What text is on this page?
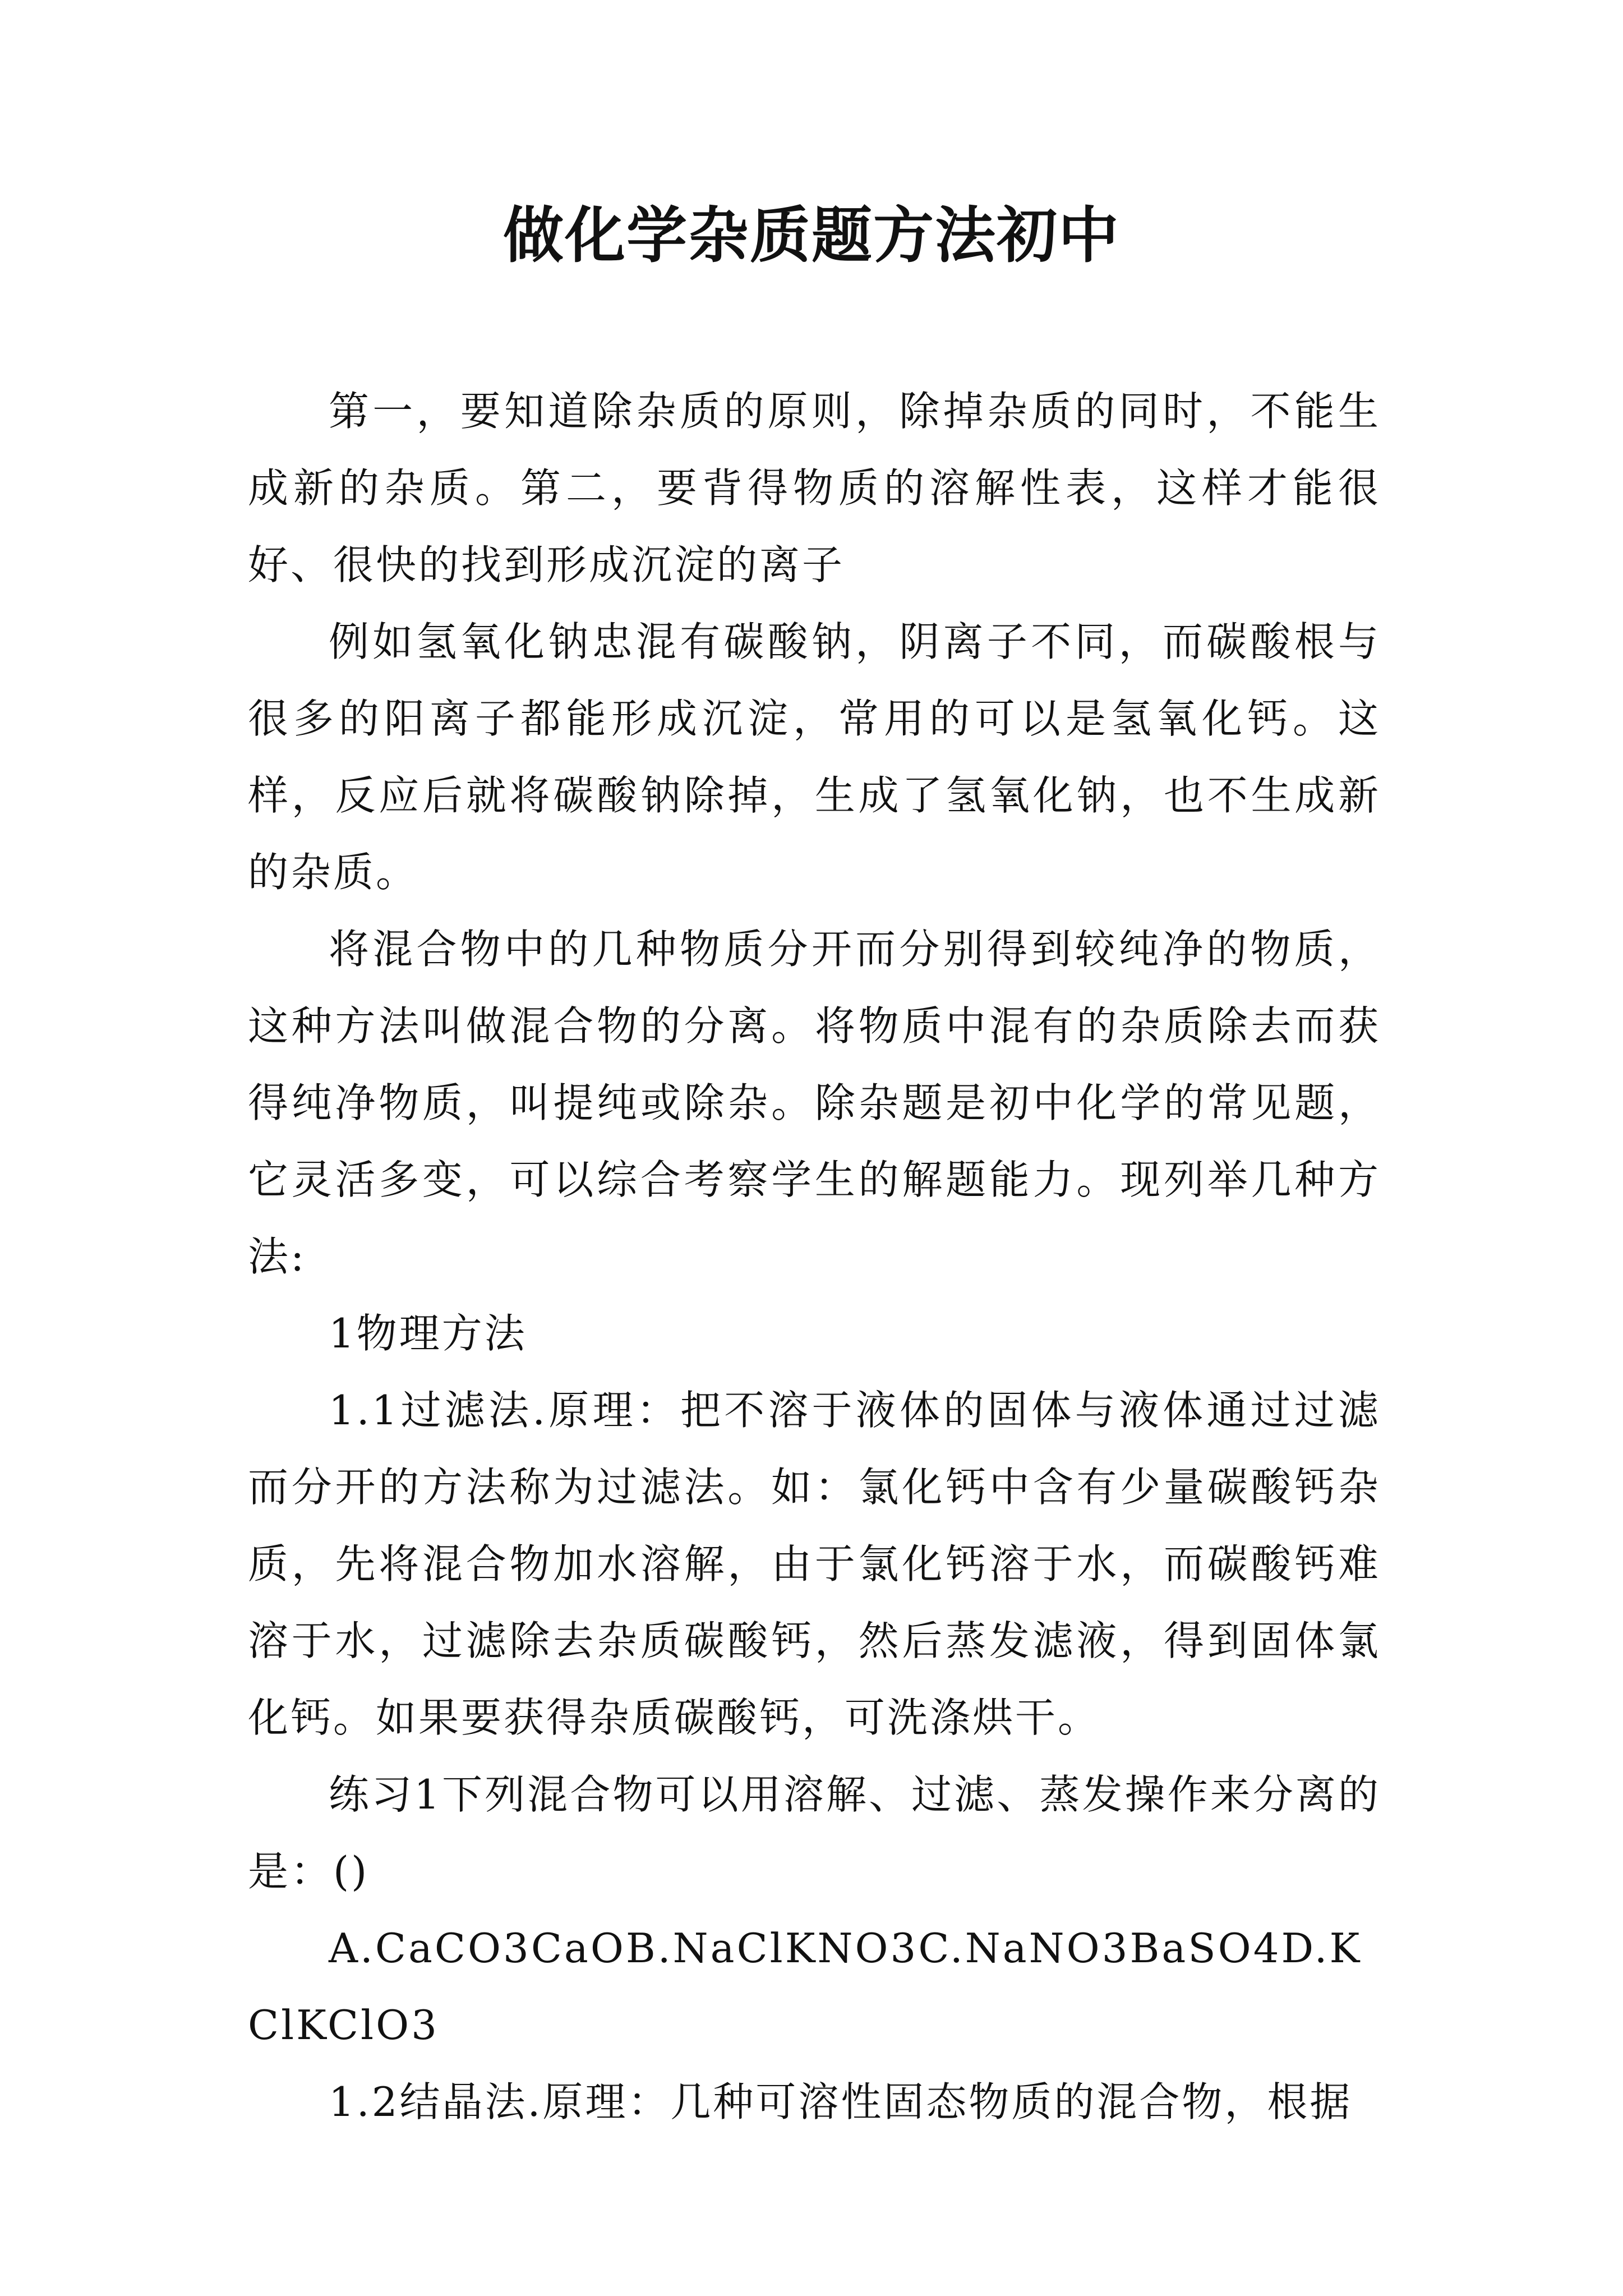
做化学杂质题方法初中

第一，要知道除杂质的原则，除掉杂质的同时，不能生成新的杂质。第二，要背得物质的溶解性表，这样才能很好、很快的找到形成沉淀的离子

例如氢氧化钠忠混有碳酸钠，阴离子不同，而碳酸根与很多的阳离子都能形成沉淀，常用的可以是氢氧化钙。这样，反应后就将碳酸钠除掉，生成了氢氧化钠，也不生成新的杂质。

将混合物中的几种物质分开而分别得到较纯净的物质，这种方法叫做混合物的分离。将物质中混有的杂质除去而获得纯净物质，叫提纯或除杂。除杂题是初中化学的常见题，它灵活多变，可以综合考察学生的解题能力。现列举几种方法:

1物理方法

1.1过滤法.原理：把不溶于液体的固体与液体通过过滤而分开的方法称为过滤法。如：氯化钙中含有少量碳酸钙杂质，先将混合物加水溶解，由于氯化钙溶于水，而碳酸钙难溶于水，过滤除去杂质碳酸钙，然后蒸发滤液，得到固体氯化钙。如果要获得杂质碳酸钙，可洗涤烘干。

练习1下列混合物可以用溶解、过滤、蒸发操作来分离的是：()

A.CaCO3CaOB.NaClKNO3C.NaNO3BaSO4D.KClKClO3

1.2结晶法.原理：几种可溶性固态物质的混合物，根据
